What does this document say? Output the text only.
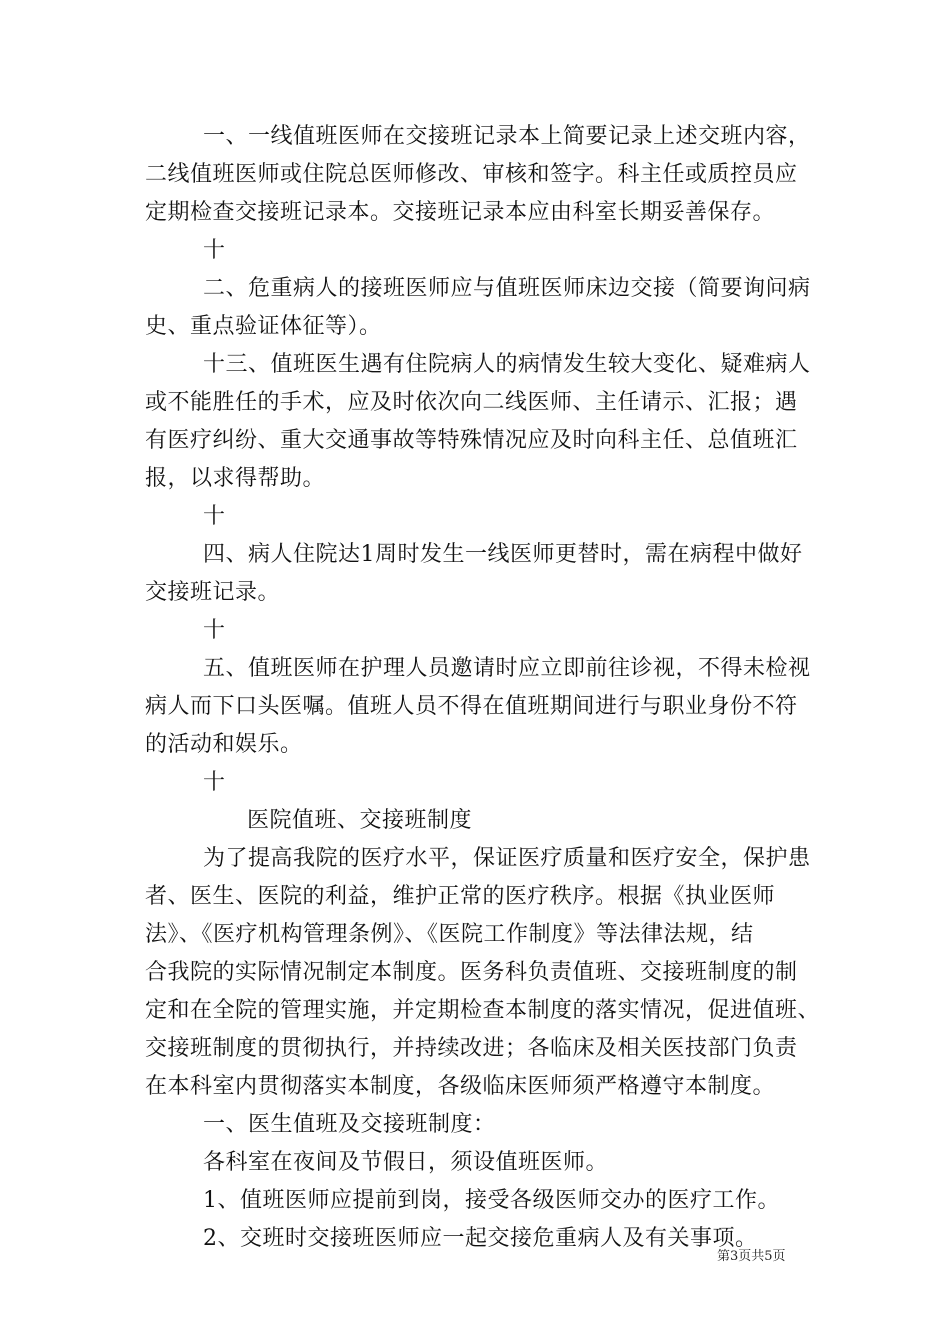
一、一线值班医师在交接班记录本上简要记录上述交班内容，
二线值班医师或住院总医师修改、审核和签字。科主任或质控员应
定期检查交接班记录本。交接班记录本应由科室长期妥善保存。
十
二、危重病人的接班医师应与值班医师床边交接（简要询问病
史、重点验证体征等）。
十三、值班医生遇有住院病人的病情发生较大变化、疑难病人
或不能胜任的手术，应及时依次向二线医师、主任请示、汇报；遇
有医疗纠纷、重大交通事故等特殊情况应及时向科主任、总值班汇
报，以求得帮助。
十
四、病人住院达1周时发生一线医师更替时，需在病程中做好
交接班记录。
十
五、值班医师在护理人员邀请时应立即前往诊视，不得未检视
病人而下口头医嘱。值班人员不得在值班期间进行与职业身份不符
的活动和娱乐。
十
医院值班、交接班制度
为了提高我院的医疗水平，保证医疗质量和医疗安全，保护患
者、医生、医院的利益，维护正常的医疗秩序。根据《执业医师
法》、《医疗机构管理条例》、《医院工作制度》等法律法规，结
合我院的实际情况制定本制度。医务科负责值班、交接班制度的制
定和在全院的管理实施，并定期检查本制度的落实情况，促进值班、
交接班制度的贯彻执行，并持续改进；各临床及相关医技部门负责
在本科室内贯彻落实本制度，各级临床医师须严格遵守本制度。
一、医生值班及交接班制度：
各科室在夜间及节假日，须设值班医师。
1、值班医师应提前到岗，接受各级医师交办的医疗工作。
2、交班时交接班医师应一起交接危重病人及有关事项。
第3页共5页
